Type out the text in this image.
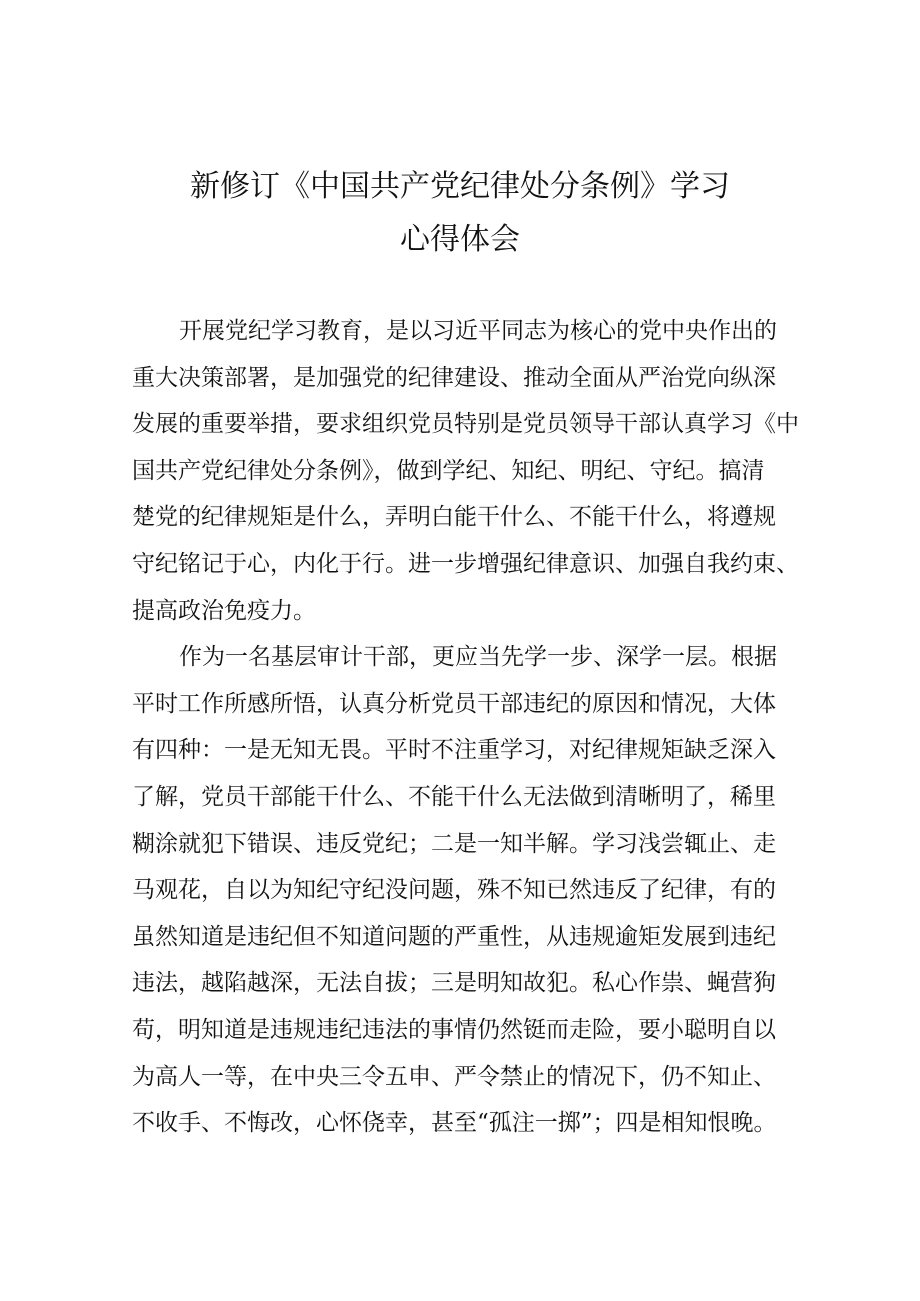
新修订《中国共产党纪律处分条例》学习
心得体会
开展党纪学习教育，是以习近平同志为核心的党中央作出的
重大决策部署，是加强党的纪律建设、推动全面从严治党向纵深
发展的重要举措，要求组织党员特别是党员领导干部认真学习《中
国共产党纪律处分条例》，做到学纪、知纪、明纪、守纪。搞清
楚党的纪律规矩是什么，弄明白能干什么、不能干什么，将遵规
守纪铭记于心，内化于行。进一步增强纪律意识、加强自我约束、
提高政治免疫力。
作为一名基层审计干部，更应当先学一步、深学一层。根据
平时工作所感所悟，认真分析党员干部违纪的原因和情况，大体
有四种：一是无知无畏。平时不注重学习，对纪律规矩缺乏深入
了解，党员干部能干什么、不能干什么无法做到清晰明了，稀里
糊涂就犯下错误、违反党纪；二是一知半解。学习浅尝辄止、走
马观花，自以为知纪守纪没问题，殊不知已然违反了纪律，有的
虽然知道是违纪但不知道问题的严重性，从违规逾矩发展到违纪
违法，越陷越深，无法自拔；三是明知故犯。私心作祟、蝇营狗
苟，明知道是违规违纪违法的事情仍然铤而走险，要小聪明自以
为高人一等，在中央三令五申、严令禁止的情况下，仍不知止、
不收手、不悔改，心怀侥幸，甚至“孤注一掷”；四是相知恨晚。
